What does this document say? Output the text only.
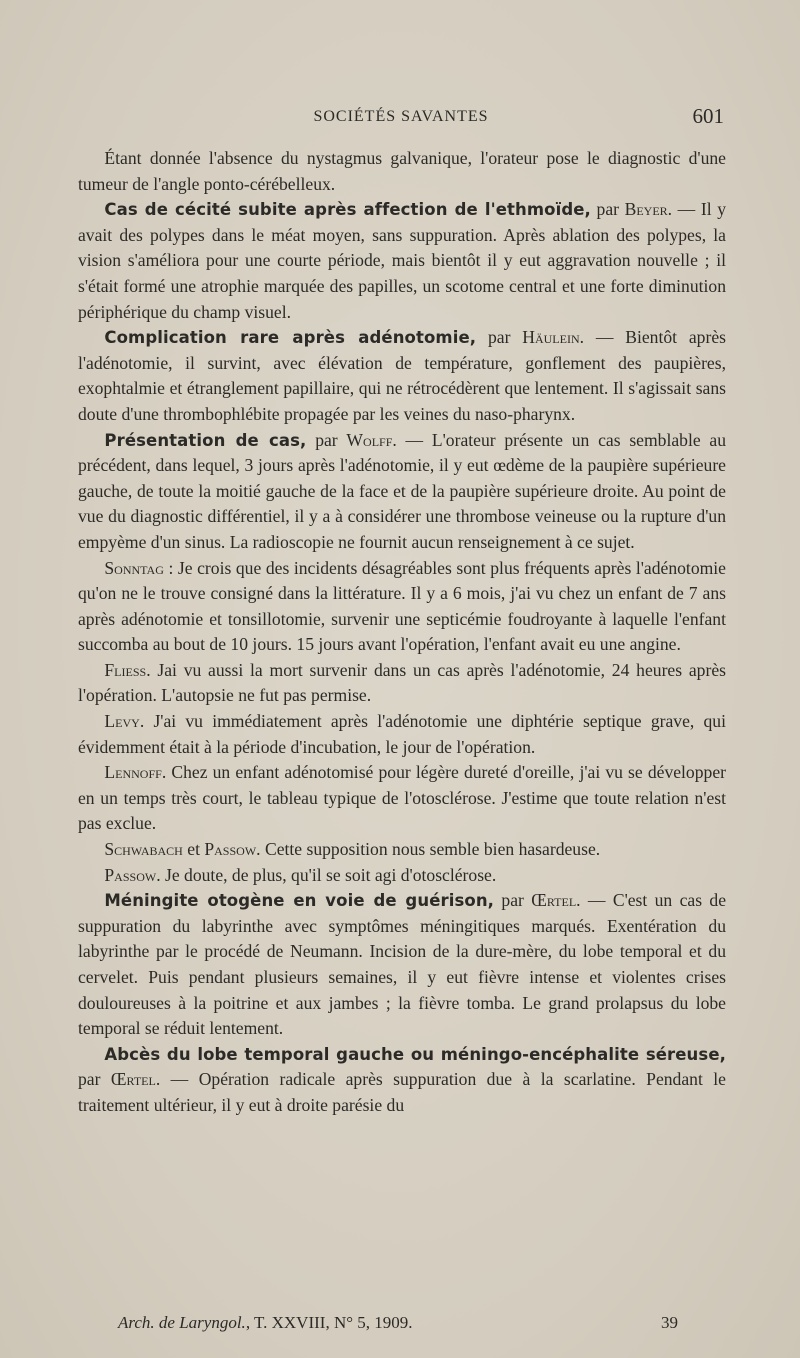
SOCIÉTÉS SAVANTES	601

Étant donnée l'absence du nystagmus galvanique, l'orateur pose le diagnostic d'une tumeur de l'angle ponto-cérébelleux.

Cas de cécité subite après affection de l'ethmoïde, par Beyer. — Il y avait des polypes dans le méat moyen, sans suppuration. Après ablation des polypes, la vision s'améliora pour une courte période, mais bientôt il y eut aggravation nouvelle ; il s'était formé une atrophie marquée des papilles, un scotome central et une forte diminution périphérique du champ visuel.

Complication rare après adénotomie, par Häulein. — Bientôt après l'adénotomie, il survint, avec élévation de température, gonflement des paupières, exophtalmie et étranglement papillaire, qui ne rétrocédèrent que lentement. Il s'agissait sans doute d'une thrombophlébite propagée par les veines du naso-pharynx.

Présentation de cas, par Wolff. — L'orateur présente un cas semblable au précédent, dans lequel, 3 jours après l'adénotomie, il y eut œdème de la paupière supérieure gauche, de toute la moitié gauche de la face et de la paupière supérieure droite. Au point de vue du diagnostic différentiel, il y a à considérer une thrombose veineuse ou la rupture d'un empyème d'un sinus. La radioscopie ne fournit aucun renseignement à ce sujet.

Sonntag : Je crois que des incidents désagréables sont plus fréquents après l'adénotomie qu'on ne le trouve consigné dans la littérature. Il y a 6 mois, j'ai vu chez un enfant de 7 ans après adénotomie et tonsillotomie, survenir une septicémie foudroyante à laquelle l'enfant succomba au bout de 10 jours. 15 jours avant l'opération, l'enfant avait eu une angine.

Fliess. Jai vu aussi la mort survenir dans un cas après l'adénotomie, 24 heures après l'opération. L'autopsie ne fut pas permise.

Levy. J'ai vu immédiatement après l'adénotomie une diphtérie septique grave, qui évidemment était à la période d'incubation, le jour de l'opération.

Lennoff. Chez un enfant adénotomisé pour légère dureté d'oreille, j'ai vu se développer en un temps très court, le tableau typique de l'otosclérose. J'estime que toute relation n'est pas exclue.

Schwabach et Passow. Cette supposition nous semble bien hasardeuse.

Passow. Je doute, de plus, qu'il se soit agi d'otosclérose.

Méningite otogène en voie de guérison, par Œrtel. — C'est un cas de suppuration du labyrinthe avec symptômes méningitiques marqués. Exentération du labyrinthe par le procédé de Neumann. Incision de la dure-mère, du lobe temporal et du cervelet. Puis pendant plusieurs semaines, il y eut fièvre intense et violentes crises douloureuses à la poitrine et aux jambes ; la fièvre tomba. Le grand prolapsus du lobe temporal se réduit lentement.

Abcès du lobe temporal gauche ou méningo-encéphalite séreuse, par Œrtel. — Opération radicale après suppuration due à la scarlatine. Pendant le traitement ultérieur, il y eut à droite parésie du

Arch. de Laryngol., T. XXVIII, N° 5, 1909.	39
